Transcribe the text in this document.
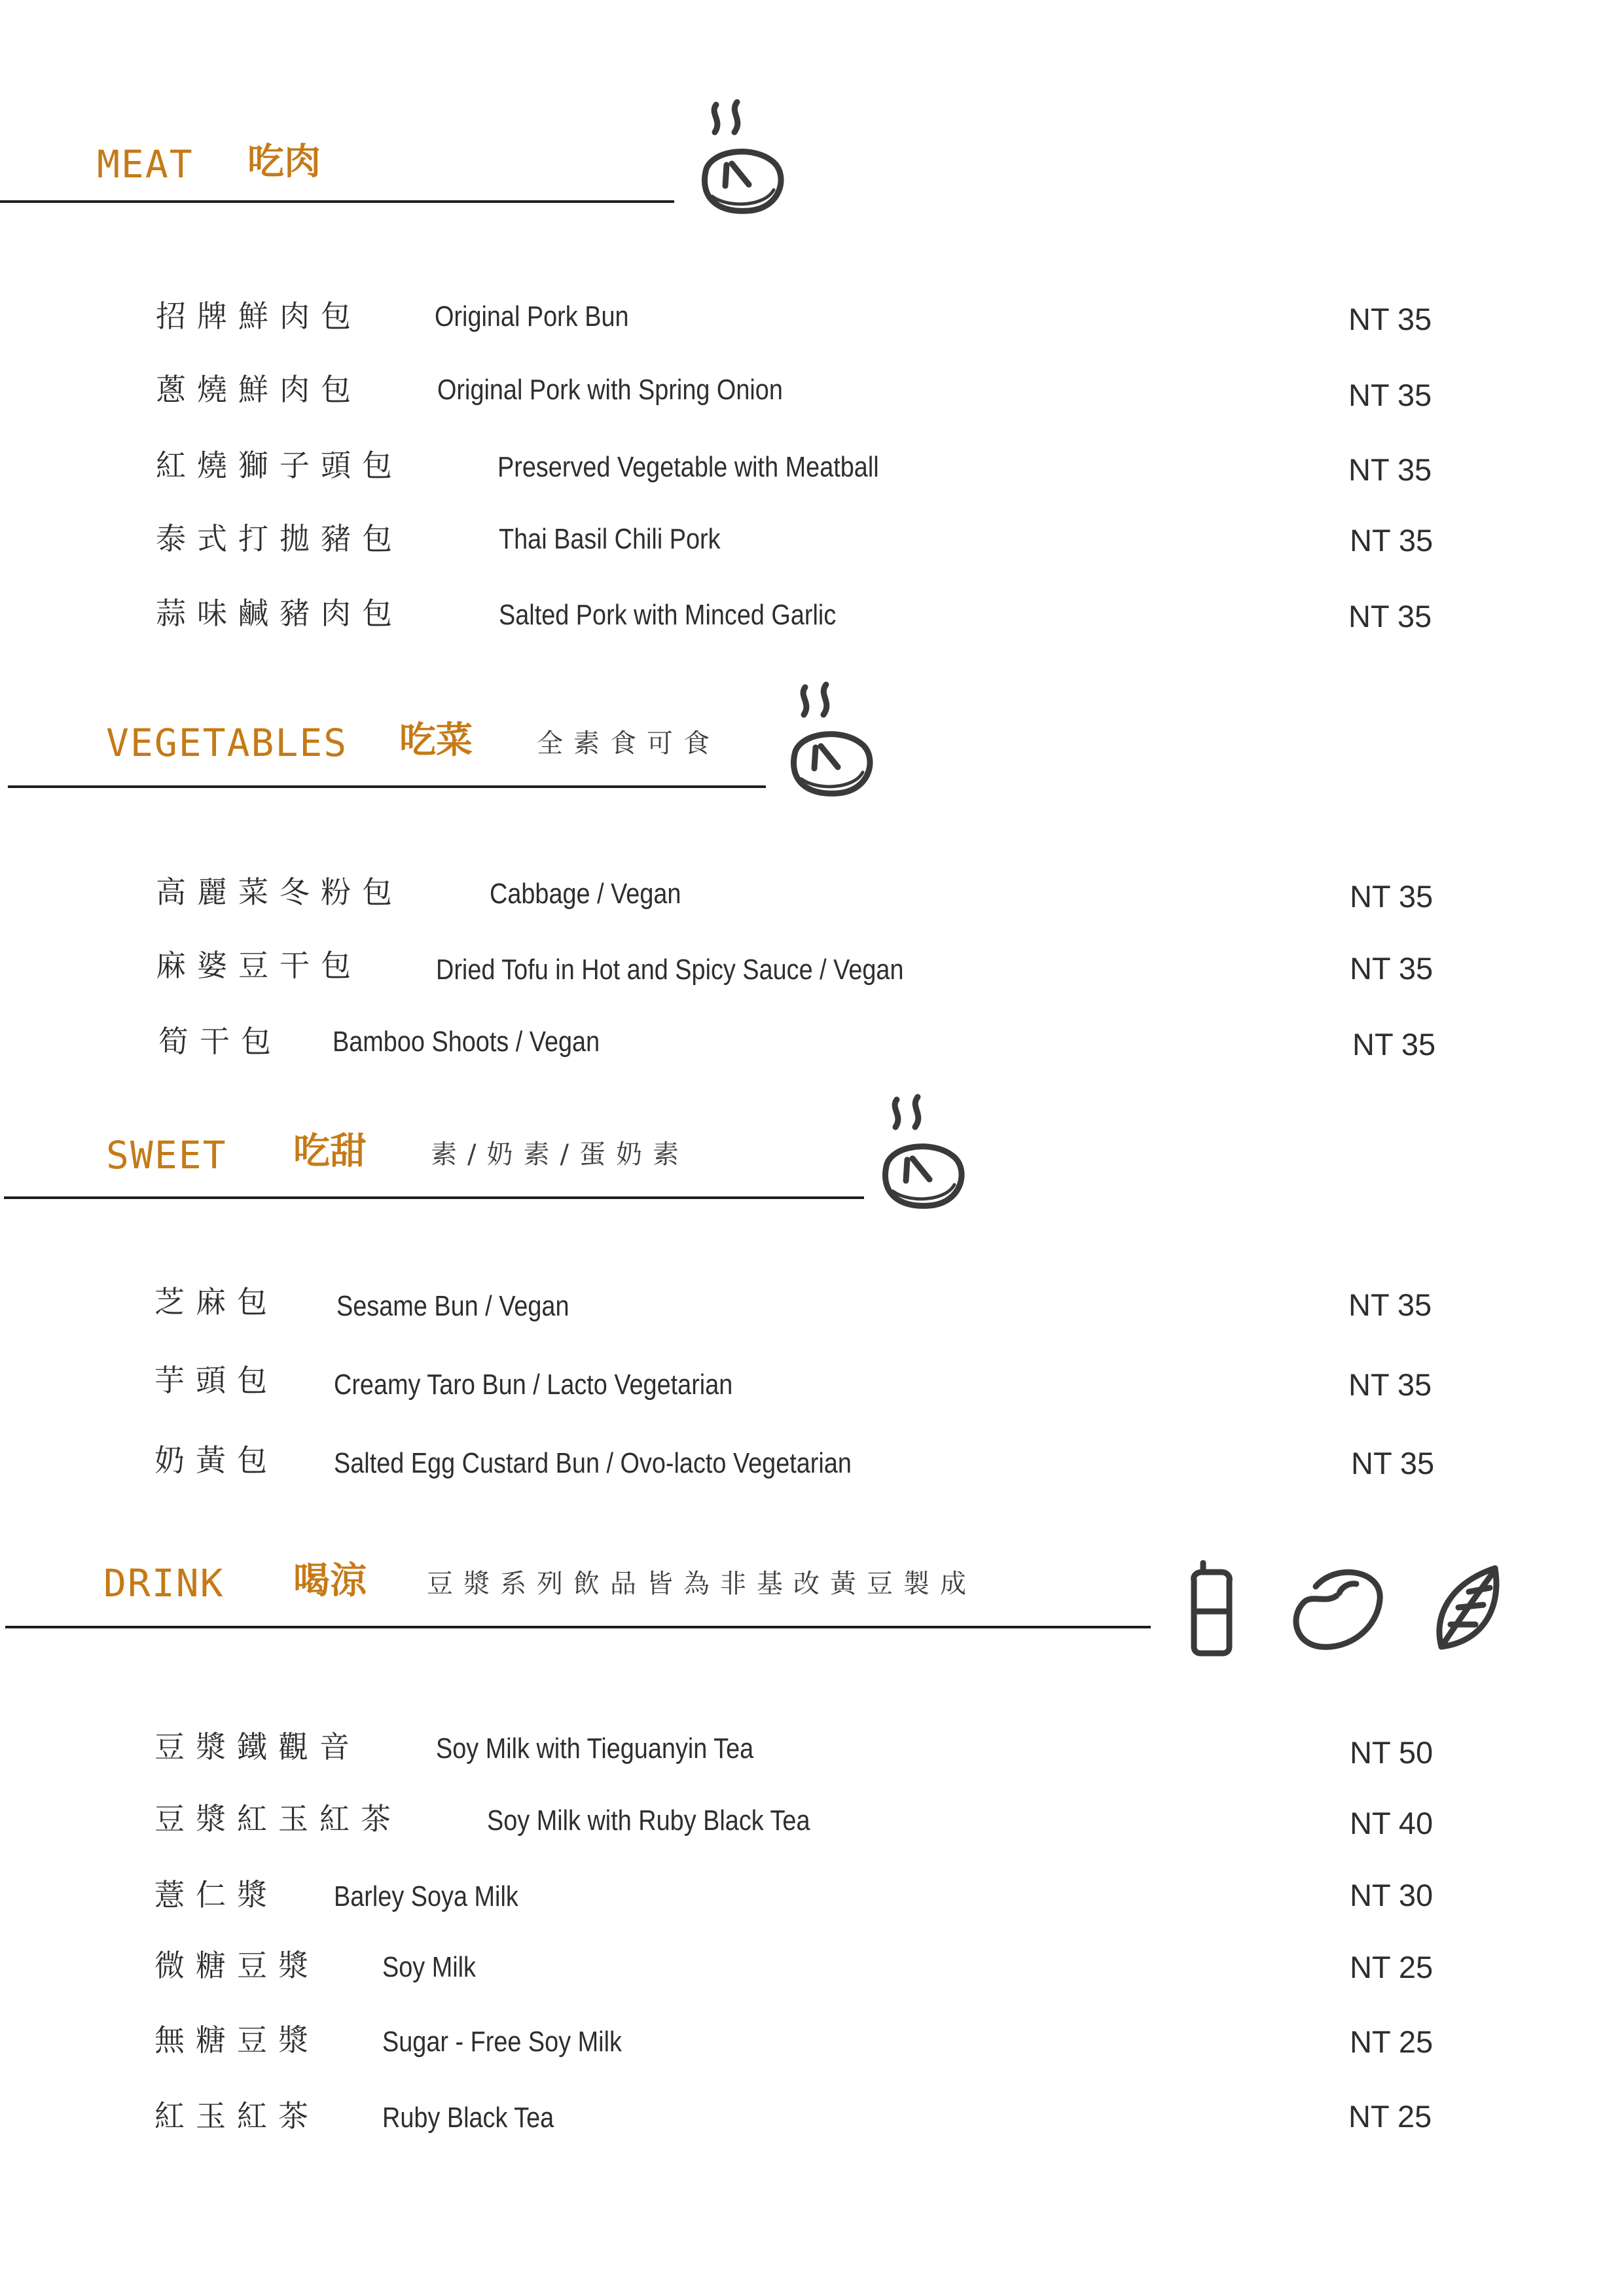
MEAT 吃肉
招牌鮮肉包	Original Pork Bun	NT 35
蔥燒鮮肉包	Original Pork with Spring Onion	NT 35
紅燒獅子頭包	Preserved Vegetable with Meatball	NT 35
泰式打拋豬包	Thai Basil Chili Pork	NT 35
蒜味鹹豬肉包	Salted Pork with Minced Garlic	NT 35
VEGETABLES 吃菜 全素食可食
高麗菜冬粉包	Cabbage / Vegan	NT 35
麻婆豆干包	Dried Tofu in Hot and Spicy Sauce / Vegan	NT 35
筍干包 Bamboo Shoots / Vegan	NT 35
SWEET 吃甜 素/奶素/蛋奶素
芝麻包 Sesame Bun / Vegan	NT 35
芋頭包 Creamy Taro Bun / Lacto Vegetarian	NT 35
奶黃包 Salted Egg Custard Bun / Ovo-lacto Vegetarian	NT 35
DRINK 喝涼 豆漿系列飲品皆為非基改黃豆製成
豆漿鐵觀音	Soy Milk with Tieguanyin Tea	NT 50
豆漿紅玉紅茶	Soy Milk with Ruby Black Tea	NT 40
薏仁漿 Barley Soya Milk	NT 30
微糖豆漿 Soy Milk	NT 25
無糖豆漿 Sugar - Free Soy Milk	NT 25
紅玉紅茶 Ruby Black Tea	NT 25
